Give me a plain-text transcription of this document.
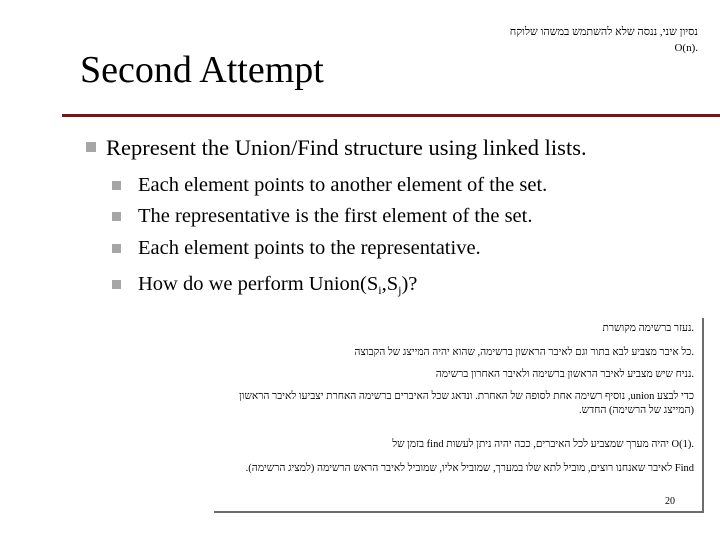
Second Attempt
נסיון שני, ננסה שלא להשתמש במשהו שלוקח
.O(n)
Represent the Union/Find structure using linked lists.
Each element points to another element of the set.
The representative is the first element of the set.
Each element points to the representative.
How do we perform $Union(S_i,S_j)$?
.נעזר ברשימה מקושרת
.כל איבר מצביע לבא בתור וגם לאיבר הראשון ברשימה, שהוא יהיה המייצג של הקבוצה
.נניח שיש מצביע לאיבר הראשון ברשימה ולאיבר האחרון ברשימה
כדי לבצע union, נוסיף רשימה אחת לסופה של האחרת. ונדאג שכל האיברים ברשימה האחרת יצביעו לאיבר הראשון (המייצג של הרשימה) החדש.
.O(1) יהיה מערך שמצביע לכל האיברים, ככה יהיה ניתן לעשות find בזמן של
Find לאיבר שאנחנו רוצים, מוביל לתא שלו במערך, שמוביל אליו, שמוביל לאיבר הראש הרשימה (למציג הרשימה).
20
